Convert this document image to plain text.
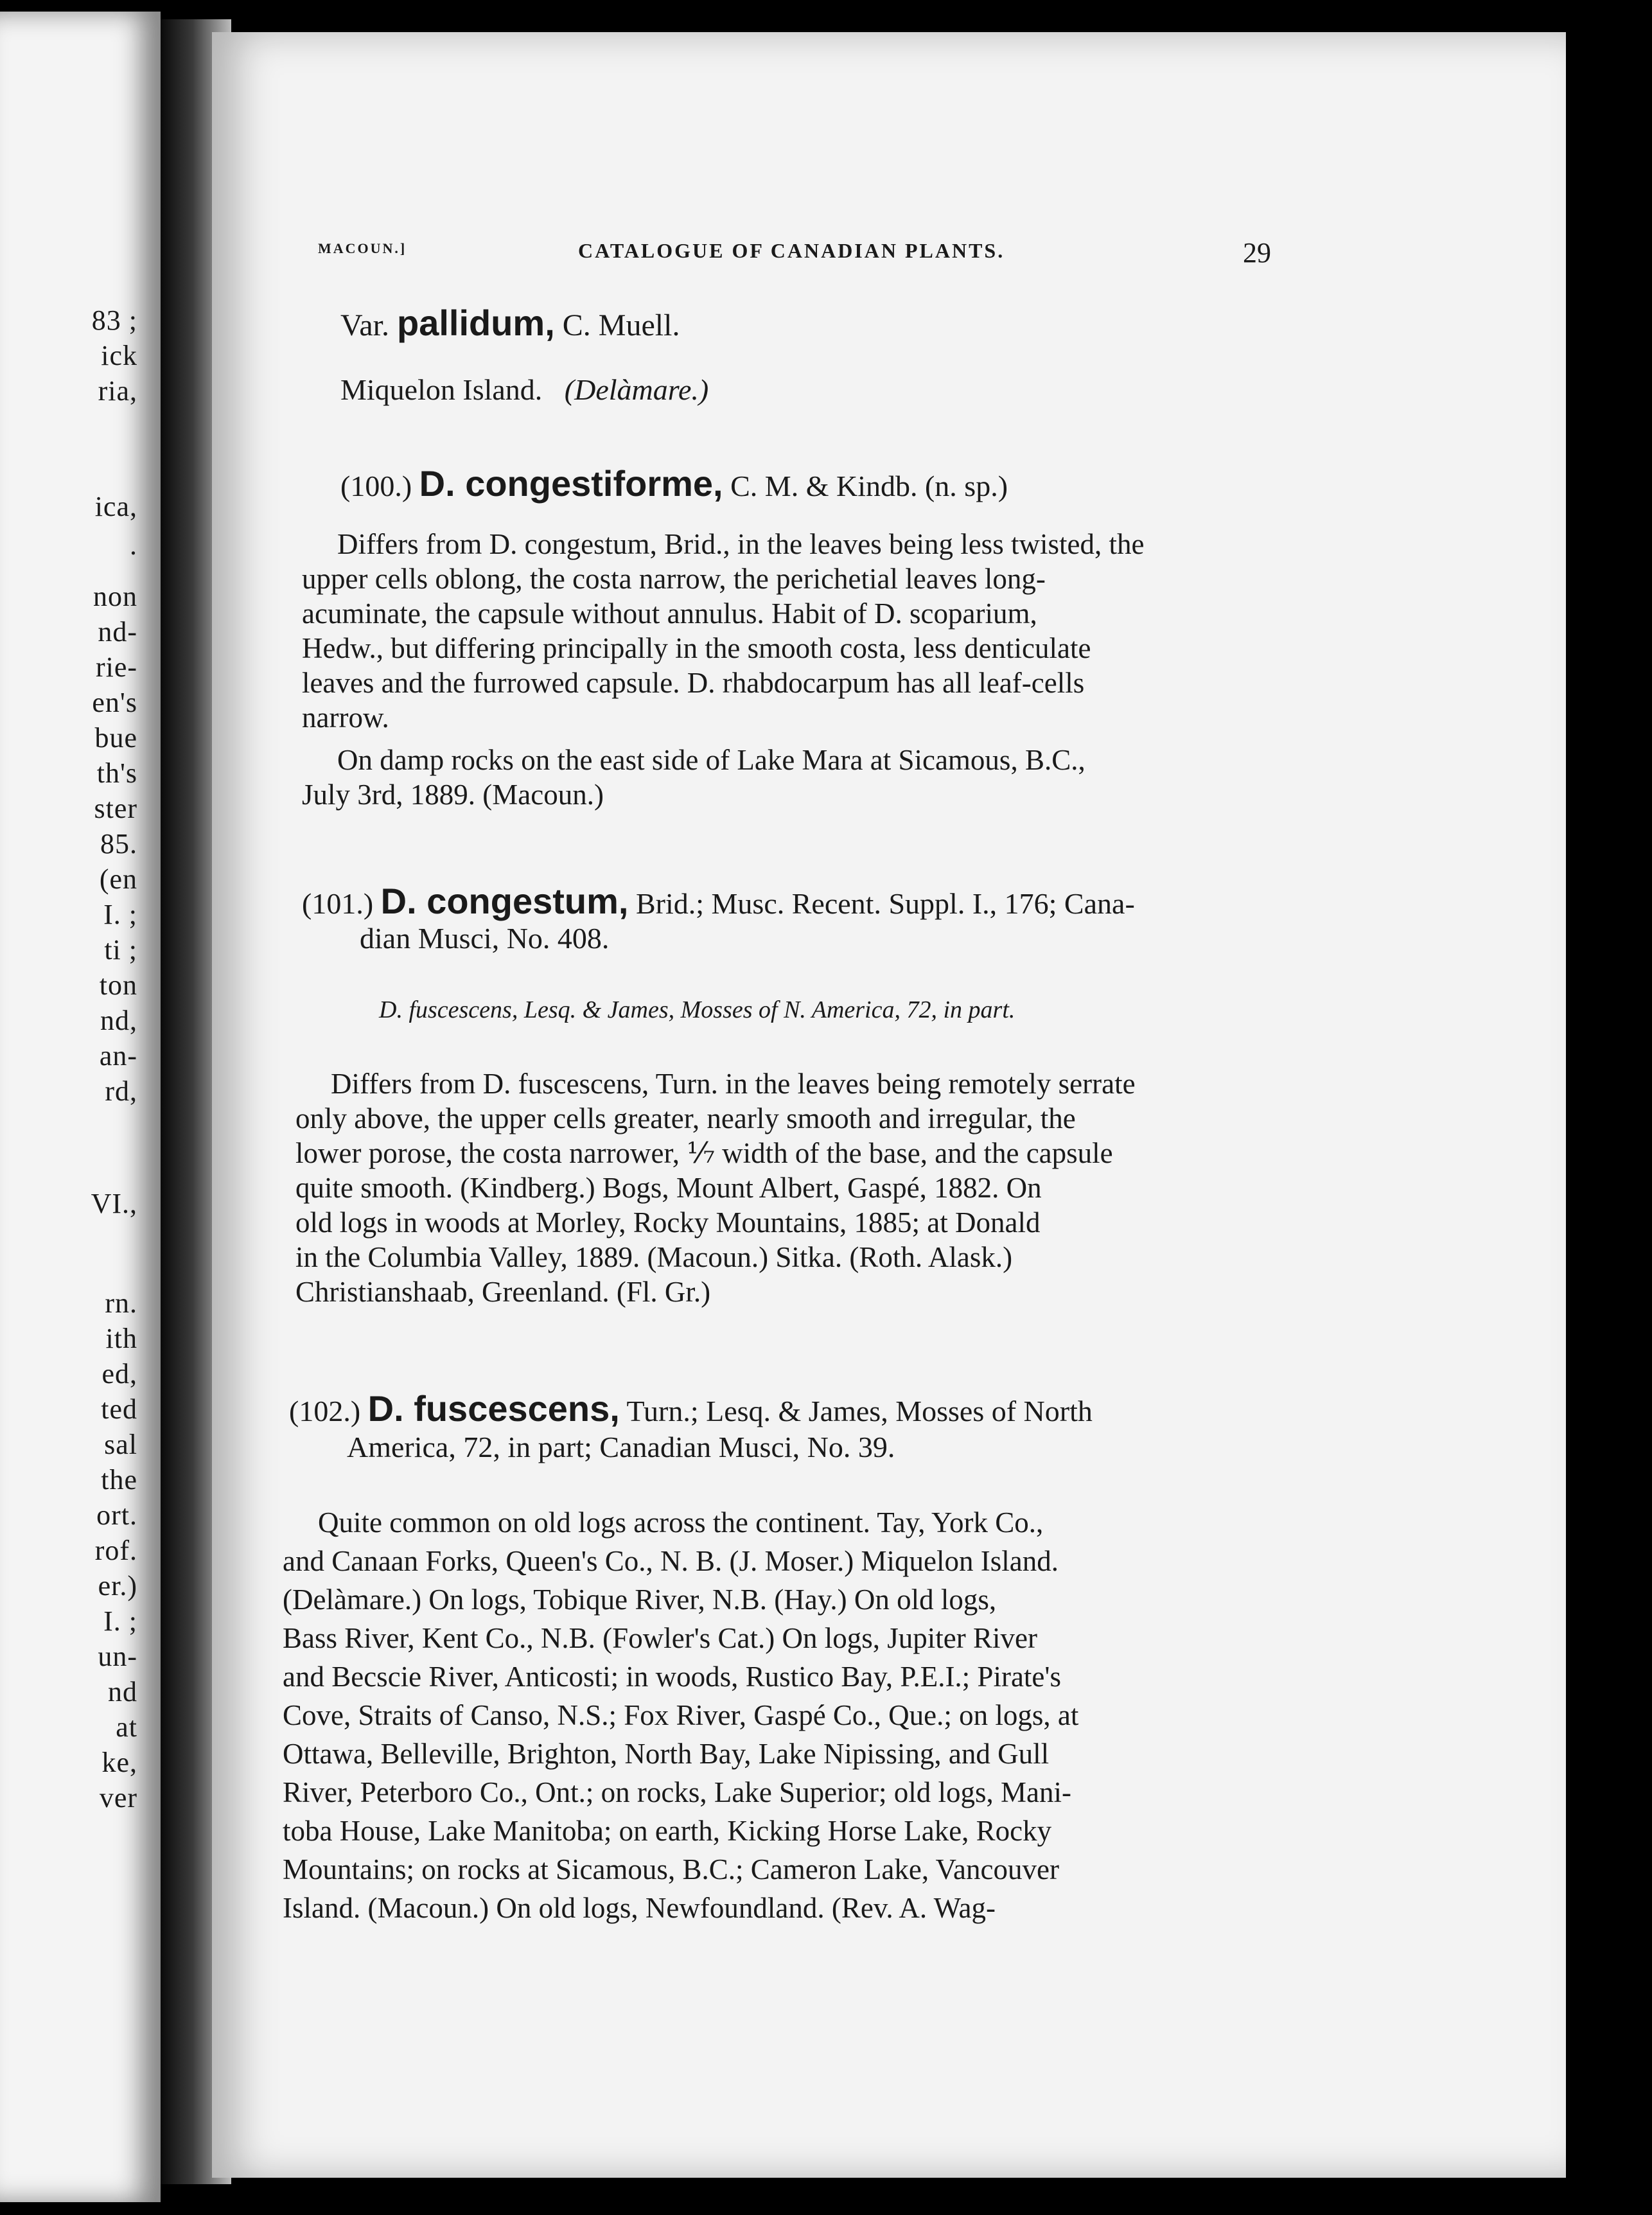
83 ;
ick
ria,
ica,
.
non
nd-
rie-
en's
bue
th's
ster
85.
(en
I. ;
ti ;
ton
nd,
an-
rd,
VI.,
rn.
ith
ed,
ted
sal
the
ort.
rof.
er.)
I. ;
un-
nd
at
ke,
ver
MACOUN.]	CATALOGUE OF CANADIAN PLANTS.	29
Var. pallidum, C. Muell.
Miquelon Island. (Delàmare.)
(100.) D. congestiforme, C. M. & Kindb. (n. sp.)
Differs from D. congestum, Brid., in the leaves being less twisted, the
upper cells oblong, the costa narrow, the perichetial leaves long-
acuminate, the capsule without annulus. Habit of D. scoparium,
Hedw., but differing principally in the smooth costa, less denticulate
leaves and the furrowed capsule. D. rhabdocarpum has all leaf-cells
narrow.
On damp rocks on the east side of Lake Mara at Sicamous, B.C.,
July 3rd, 1889. (Macoun.)
(101.) D. congestum, Brid.; Musc. Recent. Suppl. I., 176; Cana-
dian Musci, No. 408.
D. fuscescens, Lesq. & James, Mosses of N. America, 72, in part.
Differs from D. fuscescens, Turn. in the leaves being remotely serrate
only above, the upper cells greater, nearly smooth and irregular, the
lower porose, the costa narrower, ⅐ width of the base, and the capsule
quite smooth. (Kindberg.) Bogs, Mount Albert, Gaspé, 1882. On
old logs in woods at Morley, Rocky Mountains, 1885; at Donald
in the Columbia Valley, 1889. (Macoun.) Sitka. (Roth. Alask.)
Christianshaab, Greenland. (Fl. Gr.)
(102.) D. fuscescens, Turn.; Lesq. & James, Mosses of North
America, 72, in part; Canadian Musci, No. 39.
Quite common on old logs across the continent. Tay, York Co.,
and Canaan Forks, Queen's Co., N. B. (J. Moser.) Miquelon Island.
(Delàmare.) On logs, Tobique River, N.B. (Hay.) On old logs,
Bass River, Kent Co., N.B. (Fowler's Cat.) On logs, Jupiter River
and Becscie River, Anticosti; in woods, Rustico Bay, P.E.I.; Pirate's
Cove, Straits of Canso, N.S.; Fox River, Gaspé Co., Que.; on logs, at
Ottawa, Belleville, Brighton, North Bay, Lake Nipissing, and Gull
River, Peterboro Co., Ont.; on rocks, Lake Superior; old logs, Mani-
toba House, Lake Manitoba; on earth, Kicking Horse Lake, Rocky
Mountains; on rocks at Sicamous, B.C.; Cameron Lake, Vancouver
Island. (Macoun.) On old logs, Newfoundland. (Rev. A. Wag-
